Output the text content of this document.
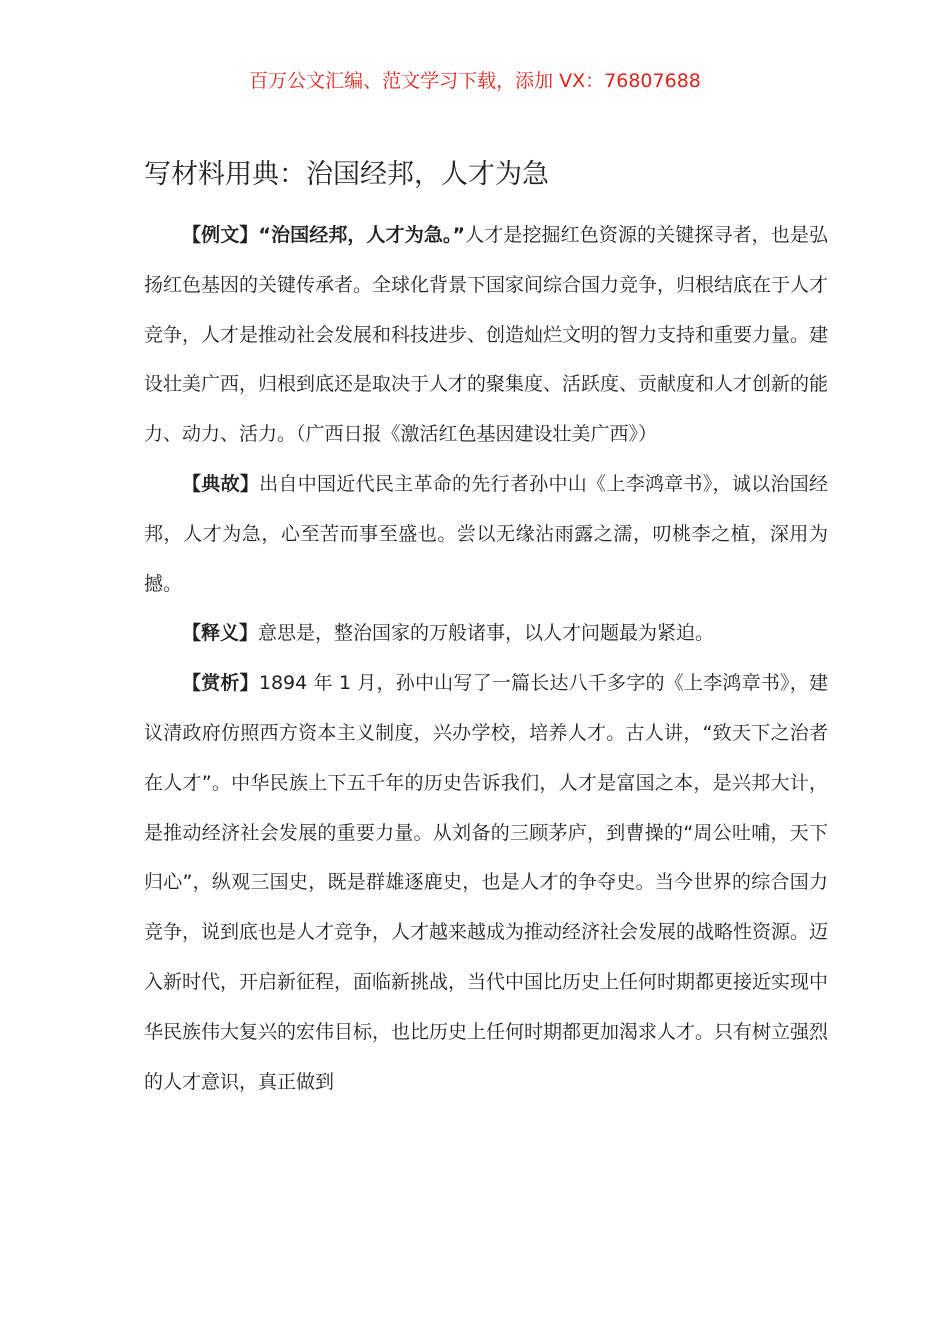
百万公文汇编、范文学习下载，添加 VX：76807688

写材料用典：治国经邦，人才为急

【例文】“治国经邦，人才为急。”人才是挖掘红色资源的关键探寻者，也是弘扬红色基因的关键传承者。全球化背景下国家间综合国力竞争，归根结底在于人才竞争，人才是推动社会发展和科技进步、创造灿烂文明的智力支持和重要力量。建设壮美广西，归根到底还是取决于人才的聚集度、活跃度、贡献度和人才创新的能力、动力、活力。（广西日报《激活红色基因建设壮美广西》）

【典故】出自中国近代民主革命的先行者孙中山《上李鸿章书》，诚以治国经邦，人才为急，心至苦而事至盛也。尝以无缘沾雨露之濡，叨桃李之植，深用为撼。

【释义】意思是，整治国家的万般诸事，以人才问题最为紧迫。

【赏析】1894 年 1 月，孙中山写了一篇长达八千多字的《上李鸿章书》，建议清政府仿照西方资本主义制度，兴办学校，培养人才。古人讲，“致天下之治者在人才”。中华民族上下五千年的历史告诉我们，人才是富国之本，是兴邦大计，是推动经济社会发展的重要力量。从刘备的三顾茅庐，到曹操的“周公吐哺，天下归心”，纵观三国史，既是群雄逐鹿史，也是人才的争夺史。当今世界的综合国力竞争，说到底也是人才竞争，人才越来越成为推动经济社会发展的战略性资源。迈入新时代，开启新征程，面临新挑战，当代中国比历史上任何时期都更接近实现中华民族伟大复兴的宏伟目标，也比历史上任何时期都更加渴求人才。只有树立强烈的人才意识，真正做到
